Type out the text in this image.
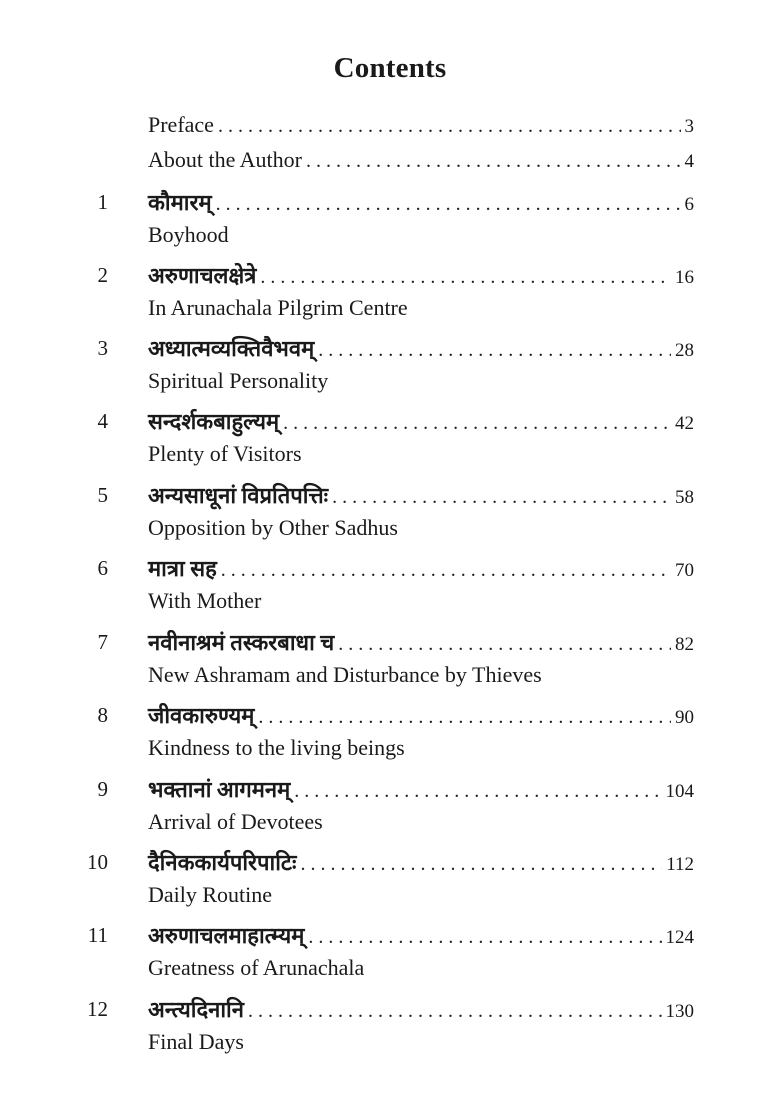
Contents
Preface . . .	3
About the Author . . .	4
1 कौमारम् . . .	6
Boyhood
2 अरुणाचलक्षेत्रे . . .	16
In Arunachala Pilgrim Centre
3 अध्यात्मव्यक्तिवैभवम् . . .	28
Spiritual Personality
4 सन्दर्शकबाहुल्यम् . . .	42
Plenty of Visitors
5 अन्यसाधूनां विप्रतिपत्तिः . . .	58
Opposition by Other Sadhus
6 मात्रा सह . . .	70
With Mother
7 नवीनाश्रमं तस्करबाधा च . . .	82
New Ashramam and Disturbance by Thieves
8 जीवकारुण्यम् . . .	90
Kindness to the living beings
9 भक्तानां आगमनम् . . .	104
Arrival of Devotees
10 दैनिककार्यपरिपाटिः . . .	112
Daily Routine
11 अरुणाचलमाहात्म्यम् . . .	124
Greatness of Arunachala
12 अन्त्यदिनानि . . .	130
Final Days
